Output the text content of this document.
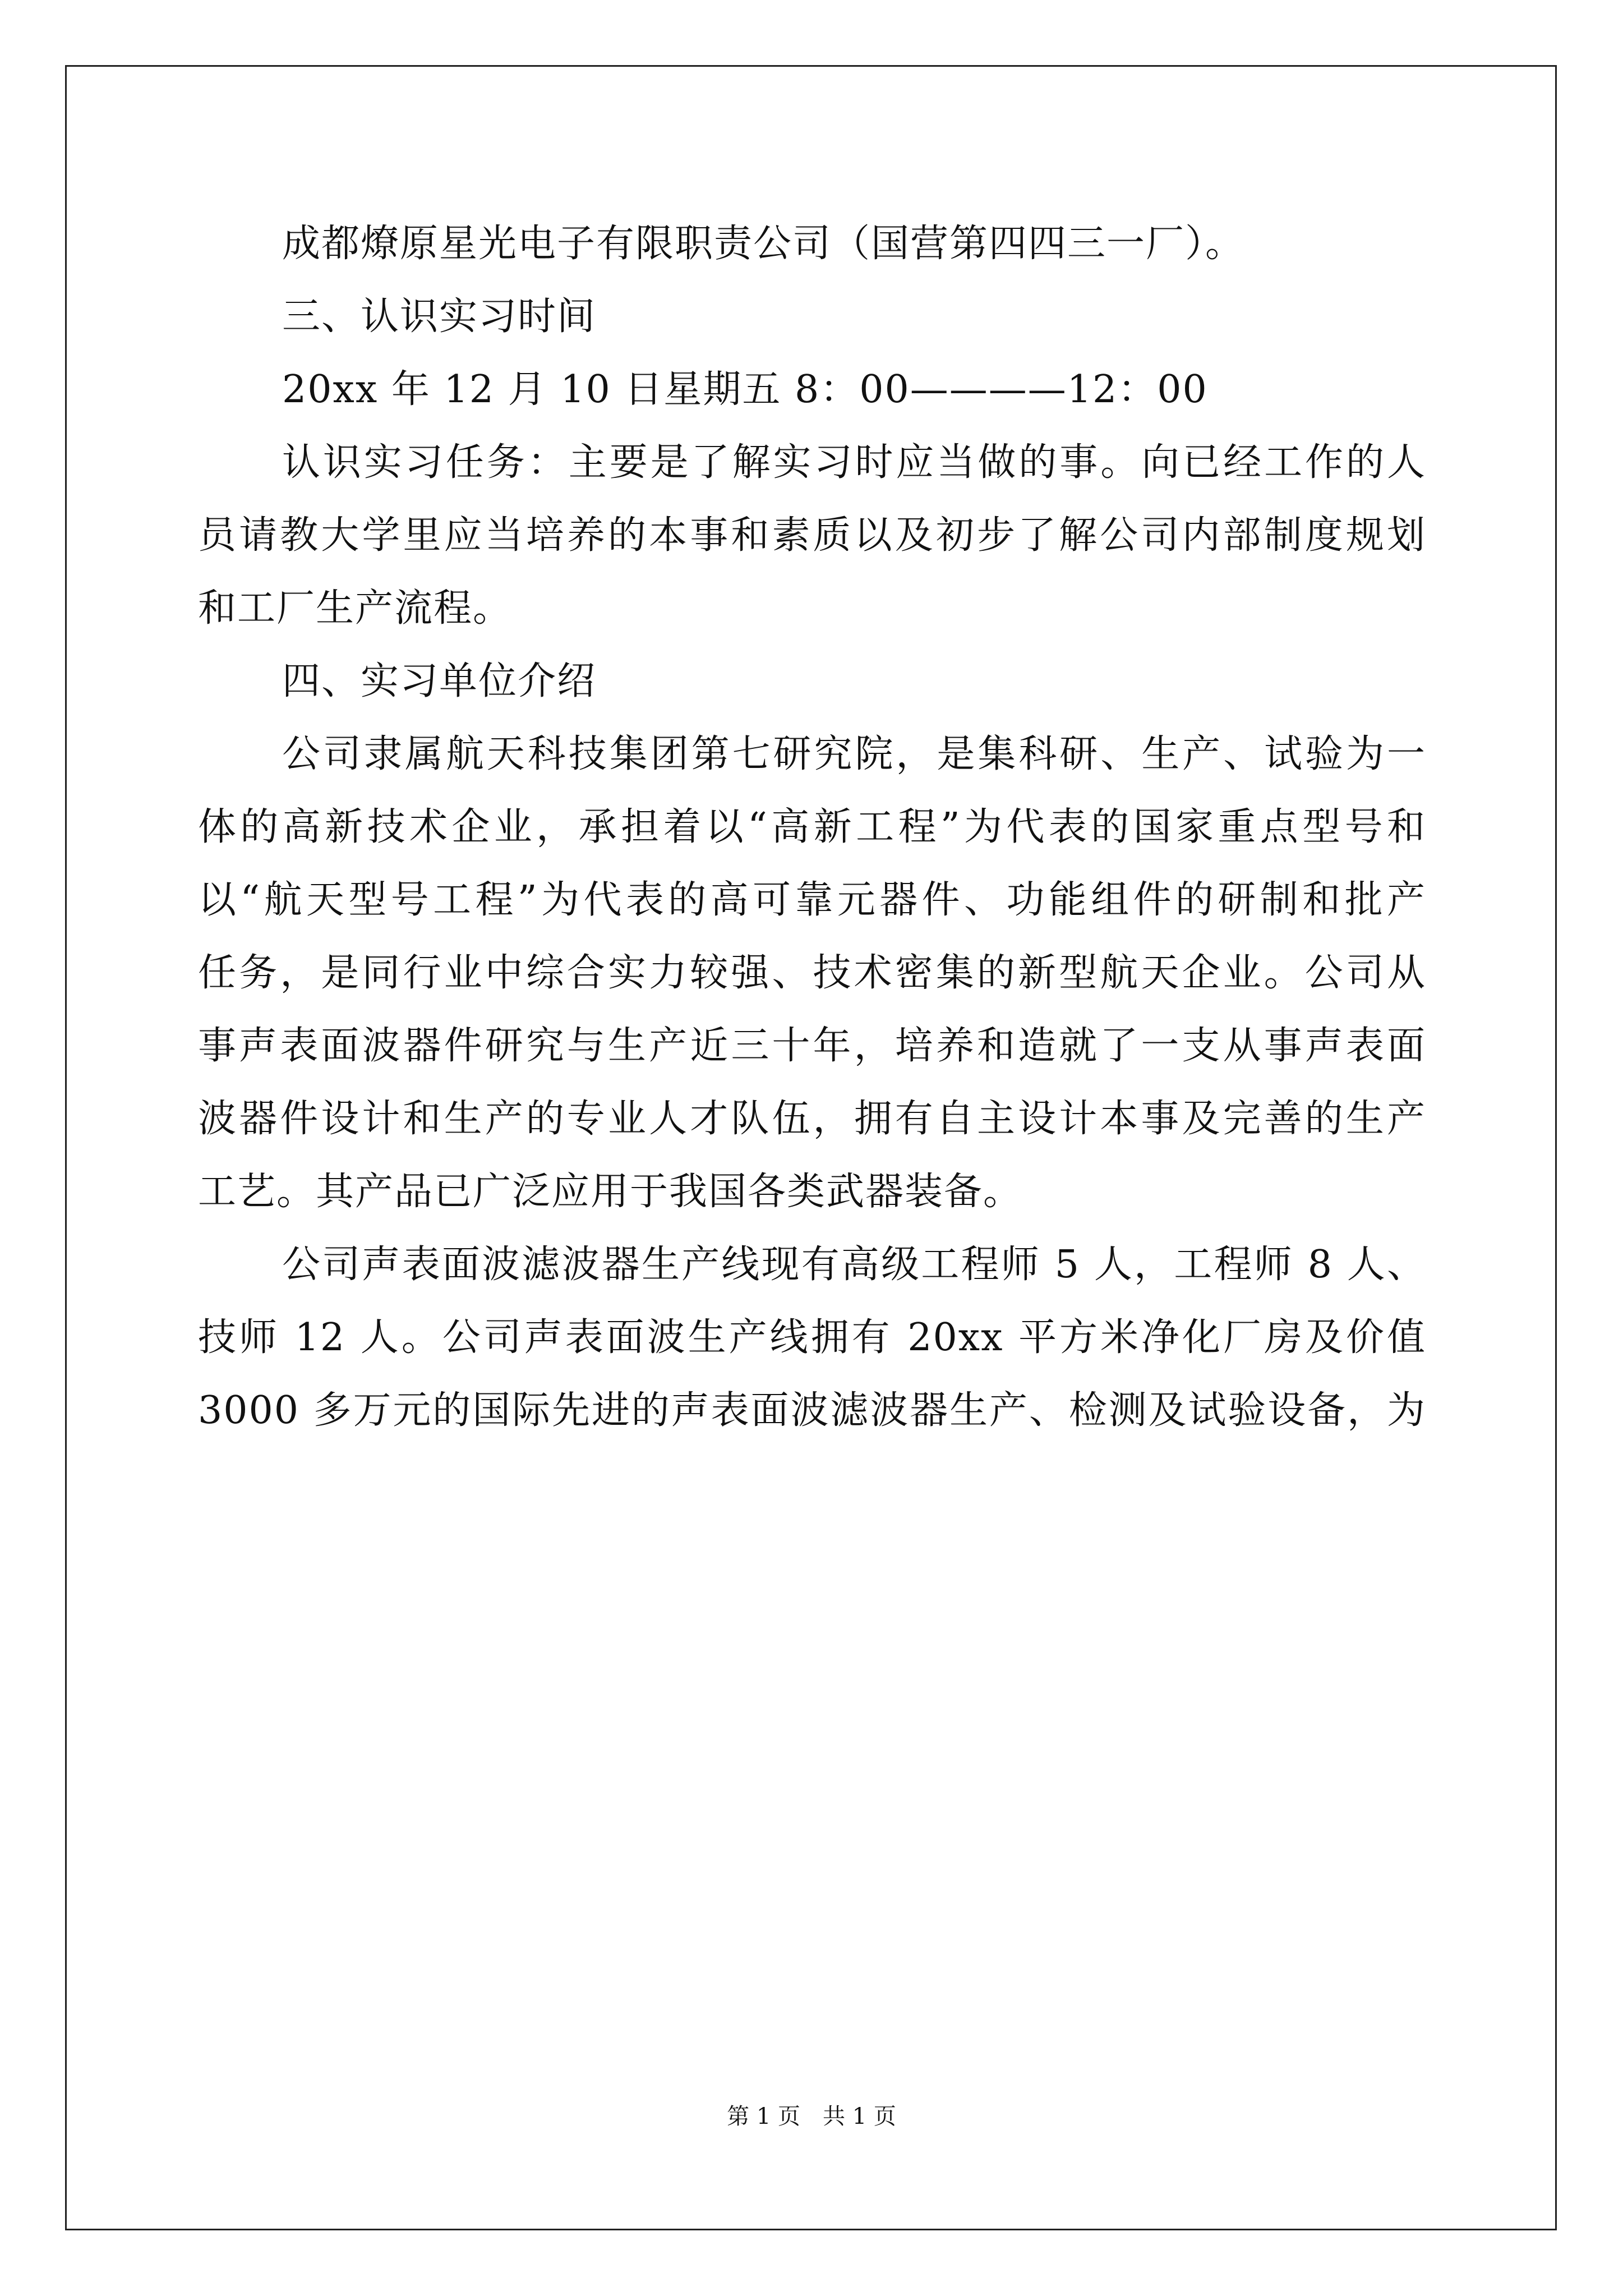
成都燎原星光电子有限职责公司（国营第四四三一厂）。
三、认识实习时间
20xx 年 12 月 10 日星期五 8：00————12：00
认识实习任务：主要是了解实习时应当做的事。向已经工作的人
员请教大学里应当培养的本事和素质以及初步了解公司内部制度规划
和工厂生产流程。
四、实习单位介绍
公司隶属航天科技集团第七研究院，是集科研、生产、试验为一
体的高新技术企业，承担着以“高新工程”为代表的国家重点型号和
以“航天型号工程”为代表的高可靠元器件、功能组件的研制和批产
任务，是同行业中综合实力较强、技术密集的新型航天企业。公司从
事声表面波器件研究与生产近三十年，培养和造就了一支从事声表面
波器件设计和生产的专业人才队伍，拥有自主设计本事及完善的生产
工艺。其产品已广泛应用于我国各类武器装备。
公司声表面波滤波器生产线现有高级工程师 5 人，工程师 8 人、
技师 12 人。公司声表面波生产线拥有 20xx 平方米净化厂房及价值
3000 多万元的国际先进的声表面波滤波器生产、检测及试验设备，为
第 1 页 共 1 页
